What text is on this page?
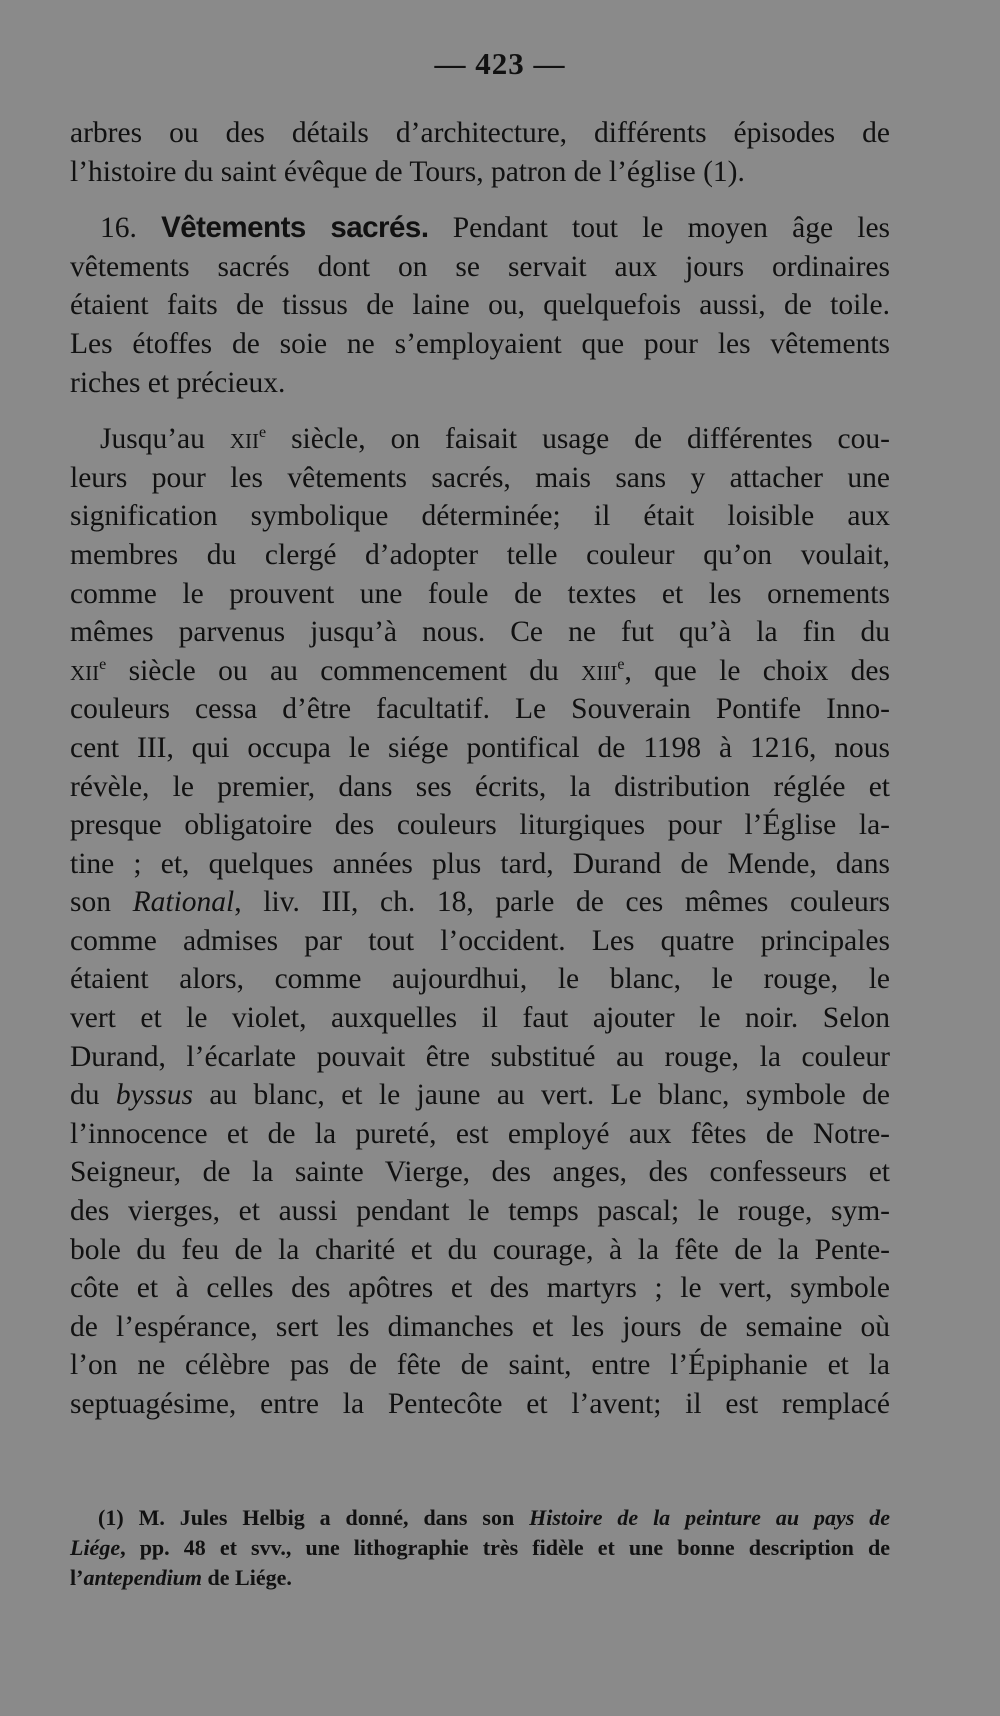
— 423 —
arbres ou des détails d’architecture, différents épisodes de
l’histoire du saint évêque de Tours, patron de l’église (1).
16. Vêtements sacrés. Pendant tout le moyen âge les
vêtements sacrés dont on se servait aux jours ordinaires
étaient faits de tissus de laine ou, quelquefois aussi, de toile.
Les étoffes de soie ne s’employaient que pour les vêtements
riches et précieux.
Jusqu’au xii$^e$ siècle, on faisait usage de différentes cou-
leurs pour les vêtements sacrés, mais sans y attacher une
signification symbolique déterminée; il était loisible aux
membres du clergé d’adopter telle couleur qu’on voulait,
comme le prouvent une foule de textes et les ornements
mêmes parvenus jusqu’à nous. Ce ne fut qu’à la fin du
xii$^e$ siècle ou au commencement du xiii$^e$, que le choix des
couleurs cessa d’être facultatif. Le Souverain Pontife Inno-
cent III, qui occupa le siége pontifical de 1198 à 1216, nous
révèle, le premier, dans ses écrits, la distribution réglée et
presque obligatoire des couleurs liturgiques pour l’Église la-
tine ; et, quelques années plus tard, Durand de Mende, dans
son Rational, liv. III, ch. 18, parle de ces mêmes couleurs
comme admises par tout l’occident. Les quatre principales
étaient alors, comme aujourdhui, le blanc, le rouge, le
vert et le violet, auxquelles il faut ajouter le noir. Selon
Durand, l’écarlate pouvait être substitué au rouge, la couleur
du byssus au blanc, et le jaune au vert. Le blanc, symbole de
l’innocence et de la pureté, est employé aux fêtes de Notre-
Seigneur, de la sainte Vierge, des anges, des confesseurs et
des vierges, et aussi pendant le temps pascal; le rouge, sym-
bole du feu de la charité et du courage, à la fête de la Pente-
côte et à celles des apôtres et des martyrs ; le vert, symbole
de l’espérance, sert les dimanches et les jours de semaine où
l’on ne célèbre pas de fête de saint, entre l’Épiphanie et la
septuagésime, entre la Pentecôte et l’avent; il est remplacé
(1) M. Jules Helbig a donné, dans son Histoire de la peinture au pays de
Liége, pp. 48 et svv., une lithographie très fidèle et une bonne description de
l’antependium de Liége.
